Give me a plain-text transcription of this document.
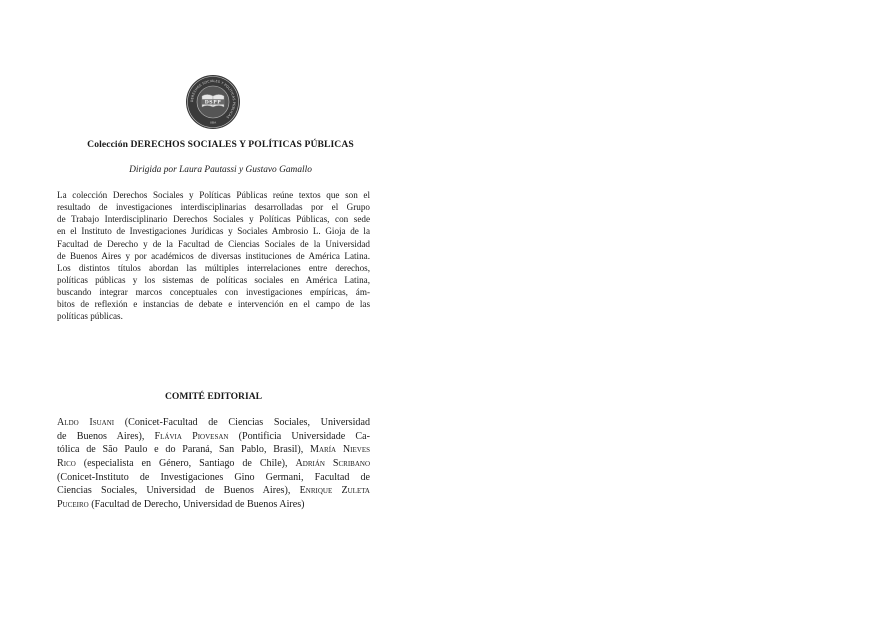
DERECHOS SOCIALES Y POLÍTICAS PÚBLICAS
DSPP
UBA
Colección DERECHOS SOCIALES Y POLÍTICAS PÚBLICAS
Dirigida por Laura Pautassi y Gustavo Gamallo
La colección Derechos Sociales y Políticas Públicas reúne textos que son el
resultado de investigaciones interdisciplinarias desarrolladas por el Grupo
de Trabajo Interdisciplinario Derechos Sociales y Políticas Públicas, con sede
en el Instituto de Investigaciones Jurídicas y Sociales Ambrosio L. Gioja de la
Facultad de Derecho y de la Facultad de Ciencias Sociales de la Universidad
de Buenos Aires y por académicos de diversas instituciones de América Latina.
Los distintos títulos abordan las múltiples interrelaciones entre derechos,
políticas públicas y los sistemas de políticas sociales en América Latina,
buscando integrar marcos conceptuales con investigaciones empíricas, ám-
bitos de reflexión e instancias de debate e intervención en el campo de las
políticas públicas.
COMITÉ EDITORIAL
Aldo Isuani (Conicet-Facultad de Ciencias Sociales, Universidad
de Buenos Aires), Flávia Piovesan (Pontificia Universidade Ca-
tólica de São Paulo e do Paraná, San Pablo, Brasil), María Nieves
Rico (especialista en Género, Santiago de Chile), Adrián Scribano
(Conicet-Instituto de Investigaciones Gino Germani, Facultad de
Ciencias Sociales, Universidad de Buenos Aires), Enrique Zuleta
Puceiro (Facultad de Derecho, Universidad de Buenos Aires)
